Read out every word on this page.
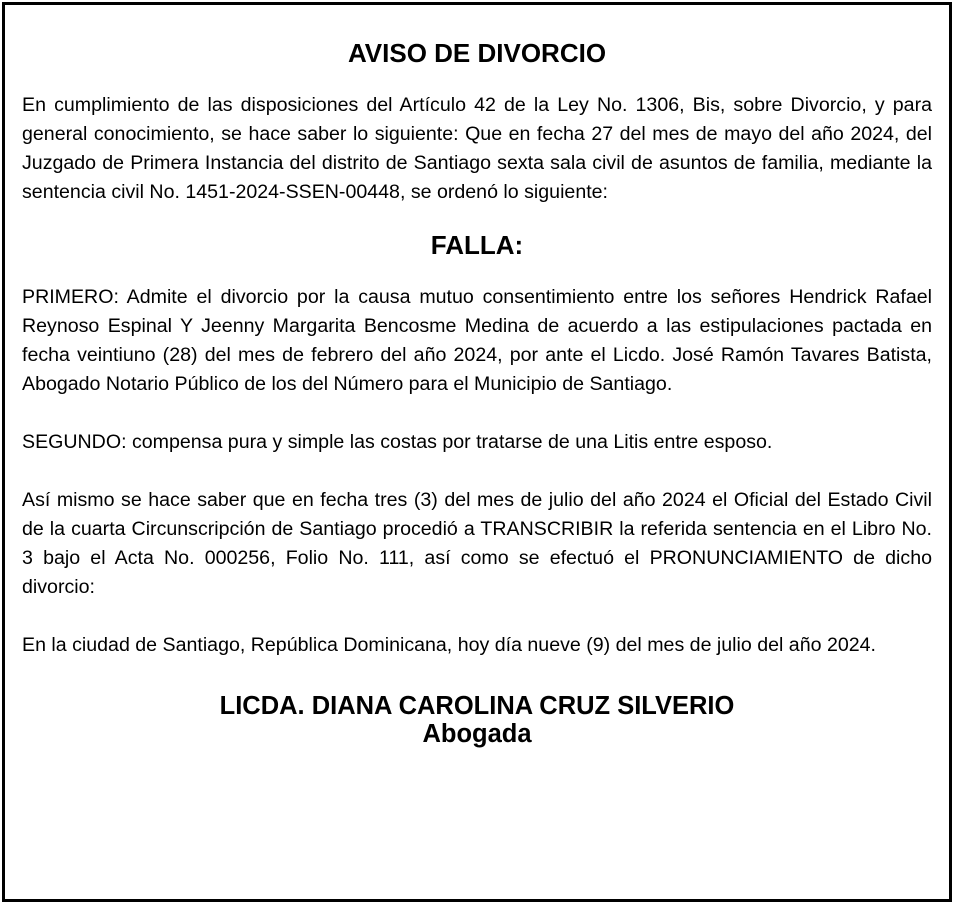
AVISO DE DIVORCIO

En cumplimiento de las disposiciones del Artículo 42 de la Ley No. 1306, Bis, sobre Divorcio, y para general conocimiento, se hace saber lo siguiente: Que en fecha 27 del mes de mayo del año 2024, del Juzgado de Primera Instancia del distrito de Santiago sexta sala civil de asuntos de familia, mediante la sentencia civil No. 1451-2024-SSEN-00448, se ordenó lo siguiente:

FALLA:

PRIMERO: Admite el divorcio por la causa mutuo consentimiento entre los señores Hendrick Rafael Reynoso Espinal Y Jeenny Margarita Bencosme Medina de acuerdo a las estipulaciones pactada en fecha veintiuno (28) del mes de febrero del año 2024, por ante el Licdo. José Ramón Tavares Batista, Abogado Notario Público de los del Número para el Municipio de Santiago.

SEGUNDO: compensa pura y simple las costas por tratarse de una Litis entre esposo.

Así mismo se hace saber que en fecha tres (3) del mes de julio del año 2024 el Oficial del Estado Civil de la cuarta Circunscripción de Santiago procedió a TRANSCRIBIR la referida sentencia en el Libro No. 3 bajo el Acta No. 000256, Folio No. 111, así como se efectuó el PRONUNCIAMIENTO de dicho divorcio:

En la ciudad de Santiago, República Dominicana, hoy día nueve (9) del mes de julio del año 2024.

LICDA. DIANA CAROLINA CRUZ SILVERIO
Abogada
